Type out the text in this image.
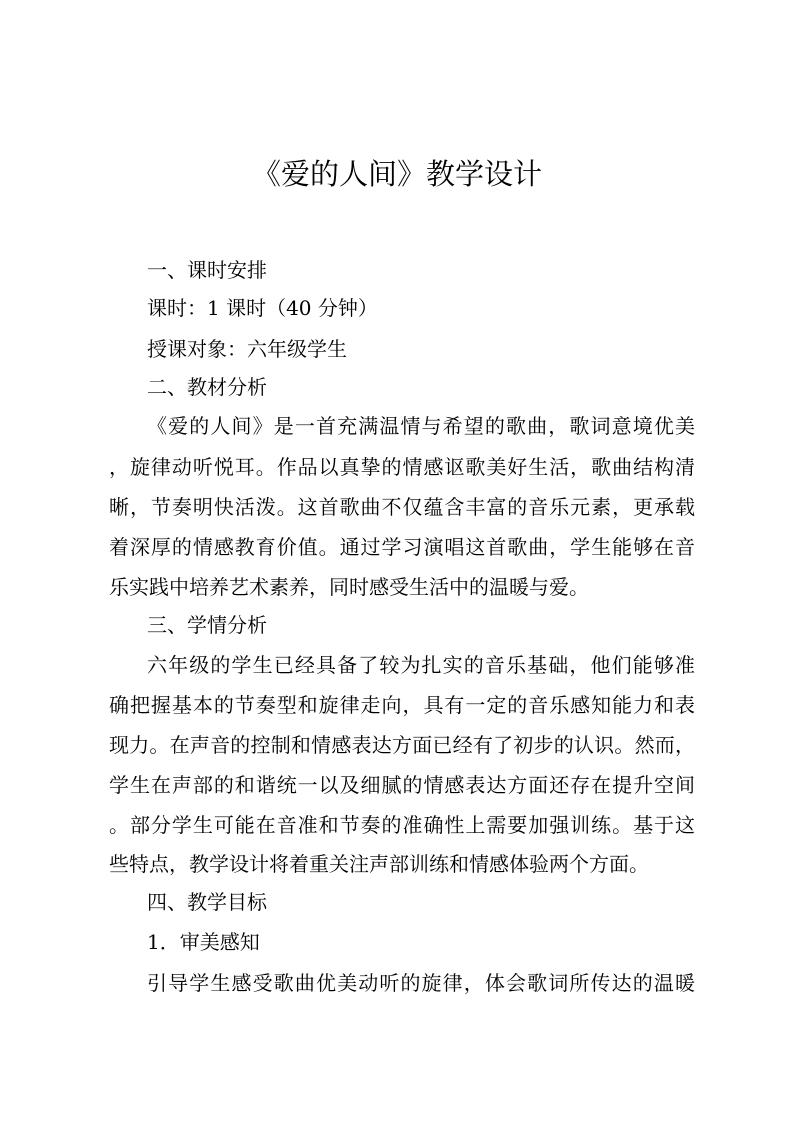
《爱的人间》教学设计
一、课时安排
课时：1 课时（40 分钟）
授课对象：六年级学生
二、教材分析
《爱的人间》是一首充满温情与希望的歌曲，歌词意境优美
，旋律动听悦耳。作品以真挚的情感讴歌美好生活，歌曲结构清
晰，节奏明快活泼。这首歌曲不仅蕴含丰富的音乐元素，更承载
着深厚的情感教育价值。通过学习演唱这首歌曲，学生能够在音
乐实践中培养艺术素养，同时感受生活中的温暖与爱。
三、学情分析
六年级的学生已经具备了较为扎实的音乐基础，他们能够准
确把握基本的节奏型和旋律走向，具有一定的音乐感知能力和表
现力。在声音的控制和情感表达方面已经有了初步的认识。然而，
学生在声部的和谐统一以及细腻的情感表达方面还存在提升空间
。部分学生可能在音准和节奏的准确性上需要加强训练。基于这
些特点，教学设计将着重关注声部训练和情感体验两个方面。
四、教学目标
1．审美感知
引导学生感受歌曲优美动听的旋律，体会歌词所传达的温暖
